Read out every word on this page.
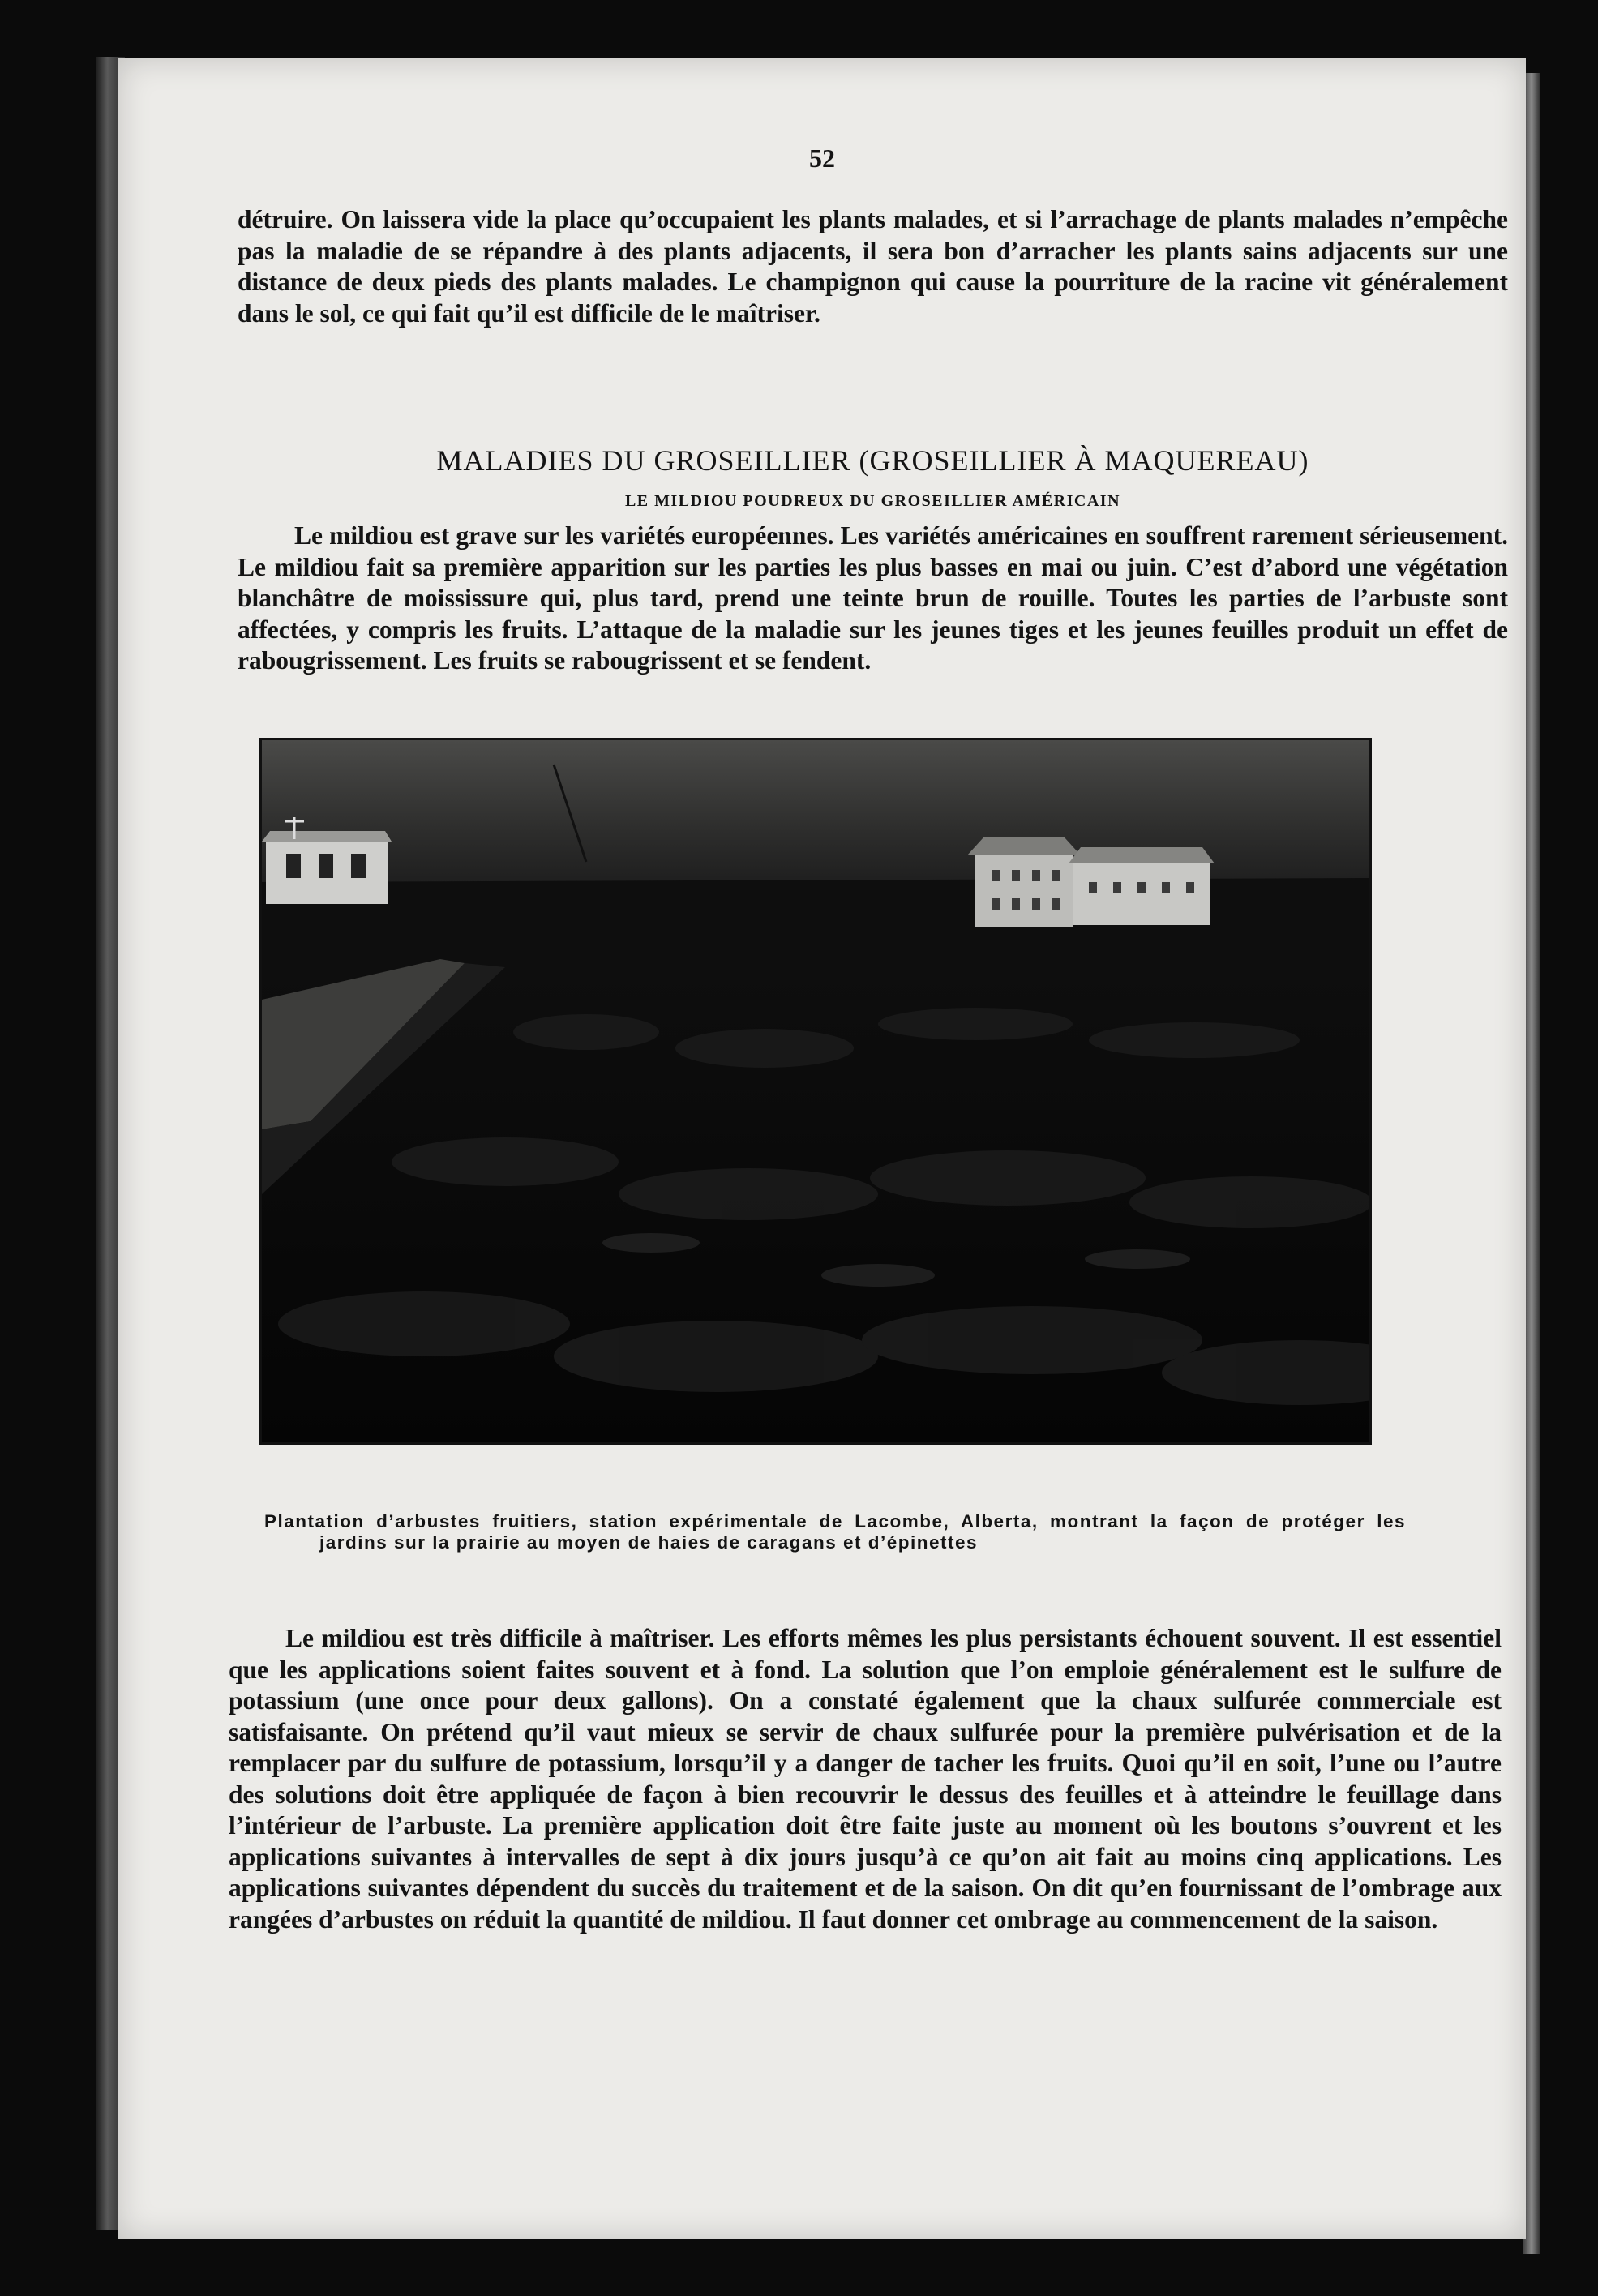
52

détruire. On laissera vide la place qu’occupaient les plants malades, et si l’arrachage de plants malades n’empêche pas la maladie de se répandre à des plants adjacents, il sera bon d’arracher les plants sains adjacents sur une distance de deux pieds des plants malades. Le champignon qui cause la pourriture de la racine vit généralement dans le sol, ce qui fait qu’il est difficile de le maîtriser.

MALADIES DU GROSEILLIER (GROSEILLIER À MAQUEREAU)
LE MILDIOU POUDREUX DU GROSEILLIER AMÉRICAIN

Le mildiou est grave sur les variétés européennes. Les variétés américaines en souffrent rarement sérieusement. Le mildiou fait sa première apparition sur les parties les plus basses en mai ou juin. C’est d’abord une végétation blanchâtre de moississure qui, plus tard, prend une teinte brun de rouille. Toutes les parties de l’arbuste sont affectées, y compris les fruits. L’attaque de la maladie sur les jeunes tiges et les jeunes feuilles produit un effet de rabougrissement. Les fruits se rabougrissent et se fendent.

Plantation d’arbustes fruitiers, station expérimentale de Lacombe, Alberta, montrant la façon de protéger les jardins sur la prairie au moyen de haies de caragans et d’épinettes

Le mildiou est très difficile à maîtriser. Les efforts mêmes les plus persistants échouent souvent. Il est essentiel que les applications soient faites souvent et à fond. La solution que l’on emploie généralement est le sulfure de potassium (une once pour deux gallons). On a constaté également que la chaux sulfurée commerciale est satisfaisante. On prétend qu’il vaut mieux se servir de chaux sulfurée pour la première pulvérisation et de la remplacer par du sulfure de potassium, lorsqu’il y a danger de tacher les fruits. Quoi qu’il en soit, l’une ou l’autre des solutions doit être appliquée de façon à bien recouvrir le dessus des feuilles et à atteindre le feuillage dans l’intérieur de l’arbuste. La première application doit être faite juste au moment où les boutons s’ouvrent et les applications suivantes à intervalles de sept à dix jours jusqu’à ce qu’on ait fait au moins cinq applications. Les applications suivantes dépendent du succès du traitement et de la saison. On dit qu’en fournissant de l’ombrage aux rangées d’arbustes on réduit la quantité de mildiou. Il faut donner cet ombrage au commencement de la saison.
